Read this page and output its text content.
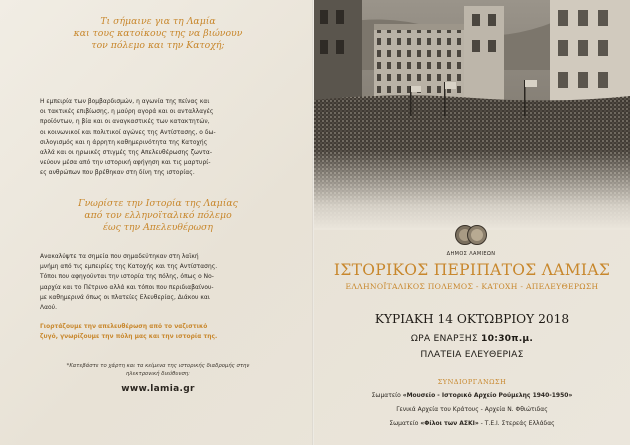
Τι σήμαινε για τη Λαμία
και τους κατοίκους της να βιώνουν
τον πόλεμο και την Κατοχή;
Η εμπειρία των βομβαρδισμών, η αγωνία της πείνας και
οι τακτικές επιβίωσης, η μαύρη αγορά και οι ανταλλαγές
προϊόντων, η βία και οι αναγκαστικές των κατακτητών,
οι κοινωνικοί και πολιτικοί αγώνες της Αντίστασης, ο δω-
σιλογισμός και η άρρητη καθημερινότητα της Κατοχής
αλλά και οι ηρωικές στιγμές της Απελευθέρωσης ζωντα-
νεύουν μέσα από την ιστορική αφήγηση και τις μαρτυρί-
ες ανθρώπων που βρέθηκαν στη δίνη της ιστορίας.
Γνωρίστε την Ιστορία της Λαμίας
από τον ελληνοϊταλικό πόλεμο
έως την Απελευθέρωση
Ανακαλύψτε τα σημεία που σημαδεύτηκαν στη λαϊκή
μνήμη από τις εμπειρίες της Κατοχής και της Αντίστασης.
Τόποι που αφηγούνται την ιστορία της πόλης, όπως ο Νο-
μαρχία και το Πέτρινο αλλά και τόποι που περιδιαβαίνου-
με καθημερινά όπως οι πλατείες Ελευθερίας, Διάκου και
Λαού.
Γιορτάζουμε την απελευθέρωση από το ναζιστικό
ζυγό, γνωρίζουμε την πόλη μας και την ιστορία της.
*Κατεβάστε το χάρτη και τα κείμενα της ιστορικής διαδρομής στην
ηλεκτρονική διεύθυνση:
www.lamia.gr
ΔΗΜΟΣ ΛΑΜΙΕΩΝ
ΙΣΤΟΡΙΚΟΣ ΠΕΡΙΠΑΤΟΣ ΛΑΜΙΑΣ
ΕΛΛΗΝΟΪΤΑΛΙΚΟΣ ΠΟΛΕΜΟΣ - ΚΑΤΟΧΗ - ΑΠΕΛΕΥΘΕΡΩΣΗ
ΚΥΡΙΑΚΗ 14 ΟΚΤΩΒΡΙΟΥ 2018
ΩΡΑ ΕΝΑΡΞΗΣ 10:30π.μ.
ΠΛΑΤΕΙΑ ΕΛΕΥΘΕΡΙΑΣ
ΣΥΝΔΙΟΡΓΑΝΩΣΗ
Σωματείο «Μουσείο - Ιστορικό Αρχείο Ρούμελης 1940-1950»
Γενικά Αρχεία του Κράτους - Αρχεία Ν. Φθιώτιδας
Σωματείο «Φίλοι των ΑΣΚΙ» - Τ.Ε.Ι. Στερεάς Ελλάδας
